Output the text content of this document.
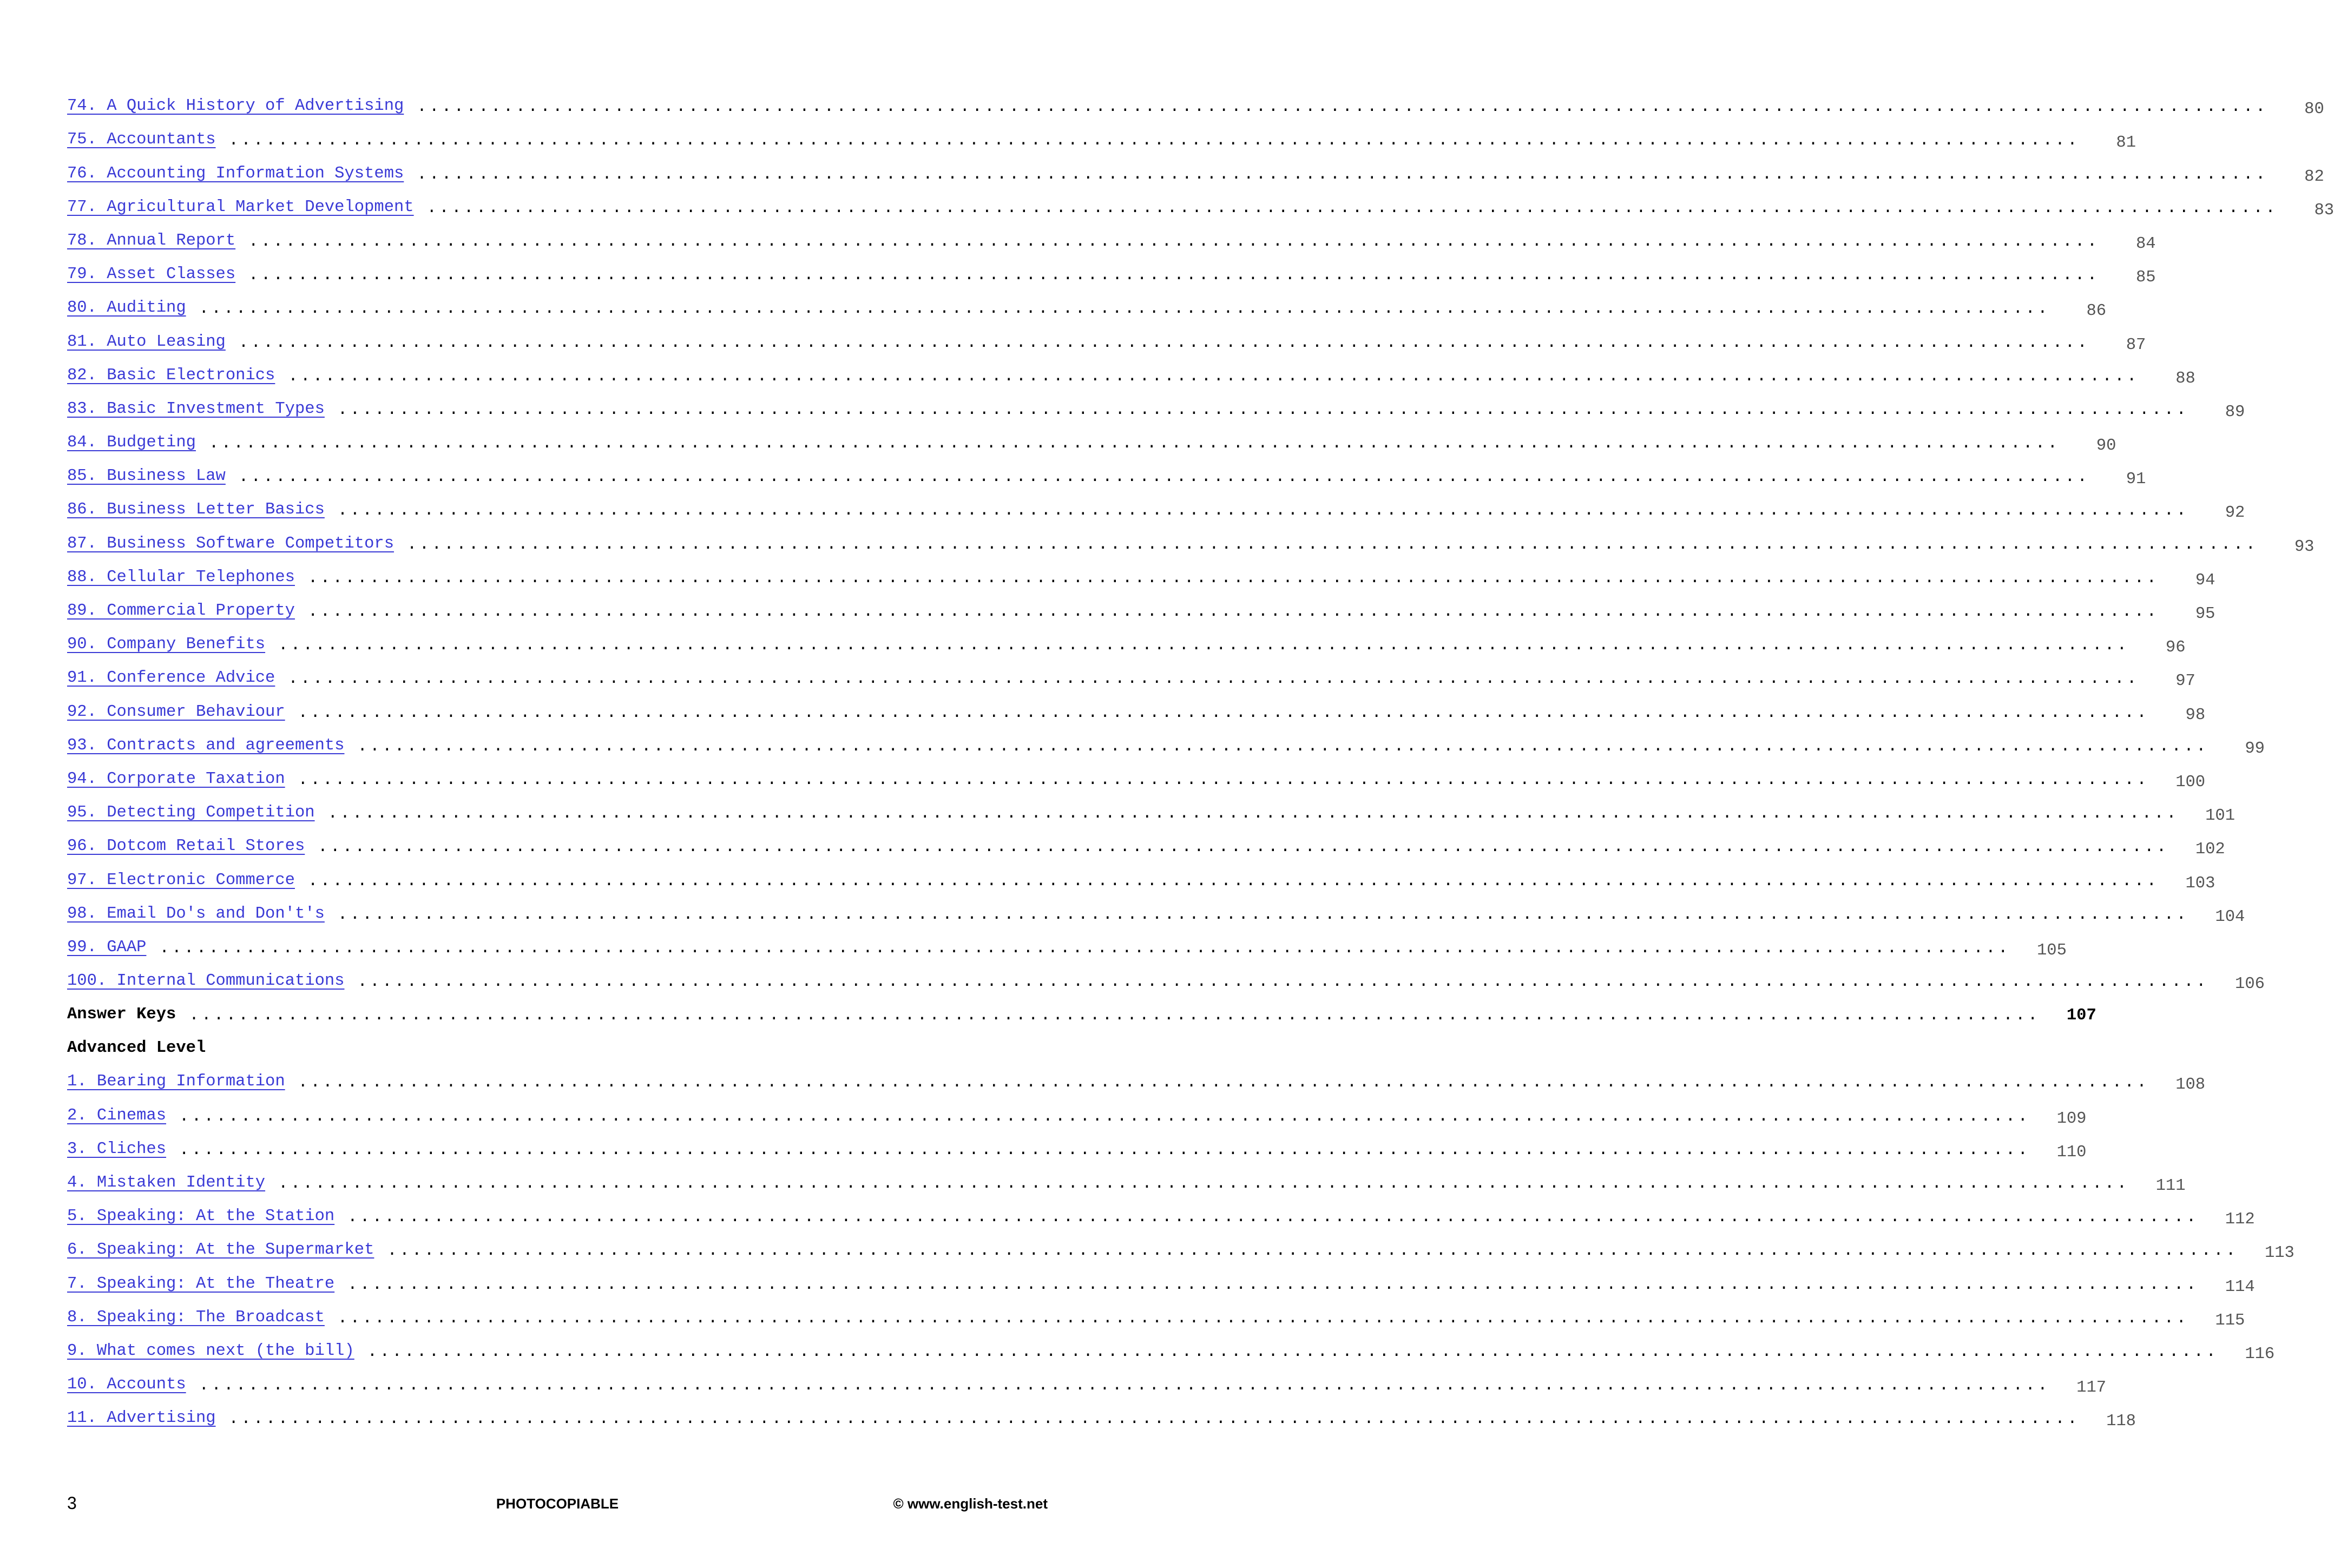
74. A Quick History of Advertising ......................................................................................................................................................	80
75. Accountants ......................................................................................................................................................	81
76. Accounting Information Systems ......................................................................................................................................................	82
77. Agricultural Market Development ......................................................................................................................................................	83
78. Annual Report ......................................................................................................................................................	84
79. Asset Classes ......................................................................................................................................................	85
80. Auditing ......................................................................................................................................................	86
81. Auto Leasing ......................................................................................................................................................	87
82. Basic Electronics ......................................................................................................................................................	88
83. Basic Investment Types ......................................................................................................................................................	89
84. Budgeting ......................................................................................................................................................	90
85. Business Law ......................................................................................................................................................	91
86. Business Letter Basics ......................................................................................................................................................	92
87. Business Software Competitors ......................................................................................................................................................	93
88. Cellular Telephones ......................................................................................................................................................	94
89. Commercial Property ......................................................................................................................................................	95
90. Company Benefits ......................................................................................................................................................	96
91. Conference Advice ......................................................................................................................................................	97
92. Consumer Behaviour ......................................................................................................................................................	98
93. Contracts and agreements ......................................................................................................................................................	99
94. Corporate Taxation ......................................................................................................................................................	100
95. Detecting Competition ......................................................................................................................................................	101
96. Dotcom Retail Stores ......................................................................................................................................................	102
97. Electronic Commerce ......................................................................................................................................................	103
98. Email Do's and Don't's ......................................................................................................................................................	104
99. GAAP ......................................................................................................................................................	105
100. Internal Communications ......................................................................................................................................................	106
Answer Keys ......................................................................................................................................................	107
Advanced Level
1. Bearing Information ......................................................................................................................................................	108
2. Cinemas ......................................................................................................................................................	109
3. Cliches ......................................................................................................................................................	110
4. Mistaken Identity ......................................................................................................................................................	111
5. Speaking: At the Station ......................................................................................................................................................	112
6. Speaking: At the Supermarket ......................................................................................................................................................	113
7. Speaking: At the Theatre ......................................................................................................................................................	114
8. Speaking: The Broadcast ......................................................................................................................................................	115
9. What comes next (the bill) ......................................................................................................................................................	116
10. Accounts ......................................................................................................................................................	117
11. Advertising ......................................................................................................................................................	118
3	PHOTOCOPIABLE	© www.english-test.net
